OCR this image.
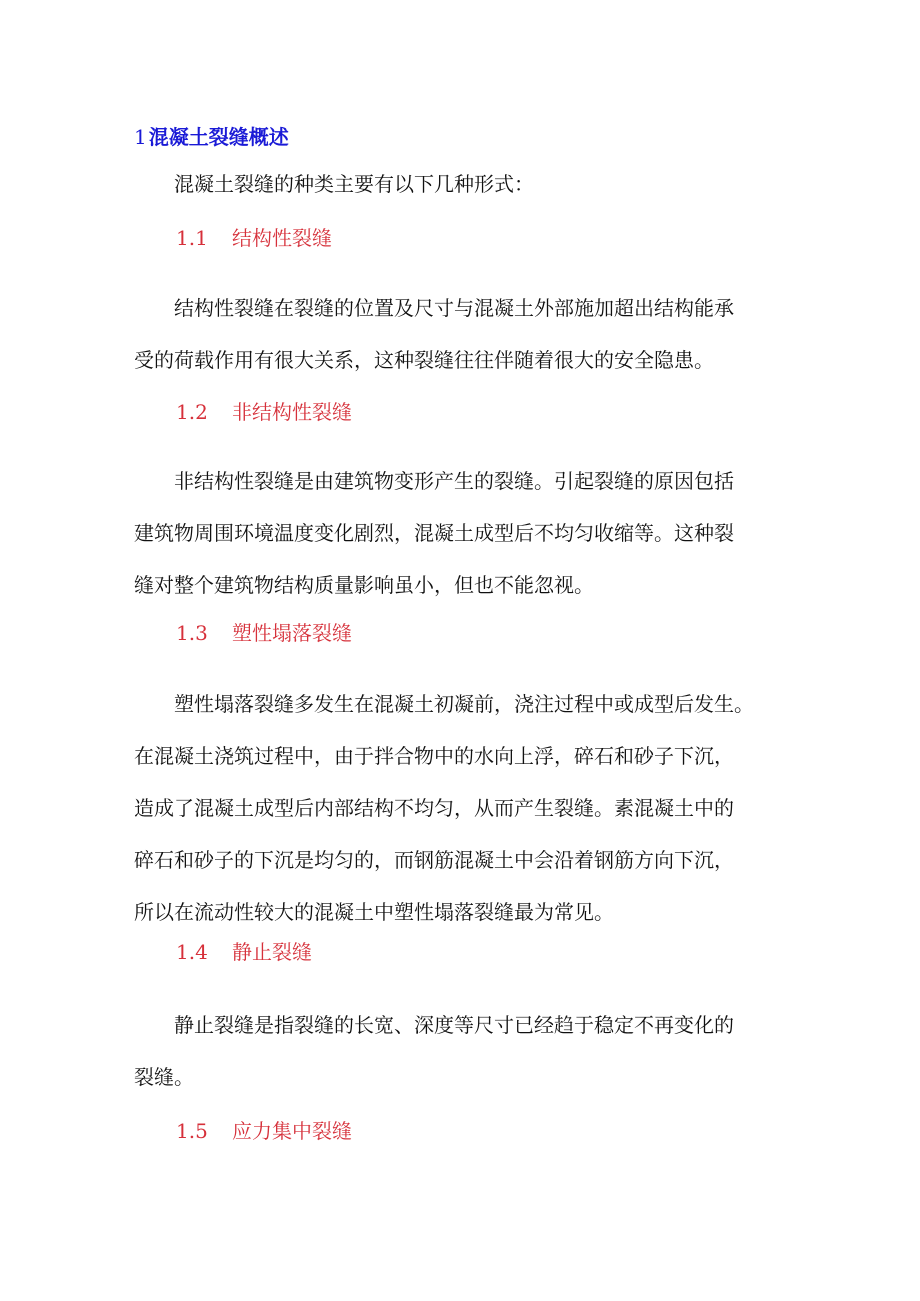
1 混凝土裂缝概述
混凝土裂缝的种类主要有以下几种形式：
1.1 结构性裂缝
结构性裂缝在裂缝的位置及尺寸与混凝土外部施加超出结构能承
受的荷载作用有很大关系，这种裂缝往往伴随着很大的安全隐患。
1.2 非结构性裂缝
非结构性裂缝是由建筑物变形产生的裂缝。引起裂缝的原因包括
建筑物周围环境温度变化剧烈，混凝土成型后不均匀收缩等。这种裂
缝对整个建筑物结构质量影响虽小，但也不能忽视。
1.3 塑性塌落裂缝
塑性塌落裂缝多发生在混凝土初凝前，浇注过程中或成型后发生。
在混凝土浇筑过程中，由于拌合物中的水向上浮，碎石和砂子下沉，
造成了混凝土成型后内部结构不均匀，从而产生裂缝。素混凝土中的
碎石和砂子的下沉是均匀的，而钢筋混凝土中会沿着钢筋方向下沉，
所以在流动性较大的混凝土中塑性塌落裂缝最为常见。
1.4 静止裂缝
静止裂缝是指裂缝的长宽、深度等尺寸已经趋于稳定不再变化的
裂缝。
1.5 应力集中裂缝
